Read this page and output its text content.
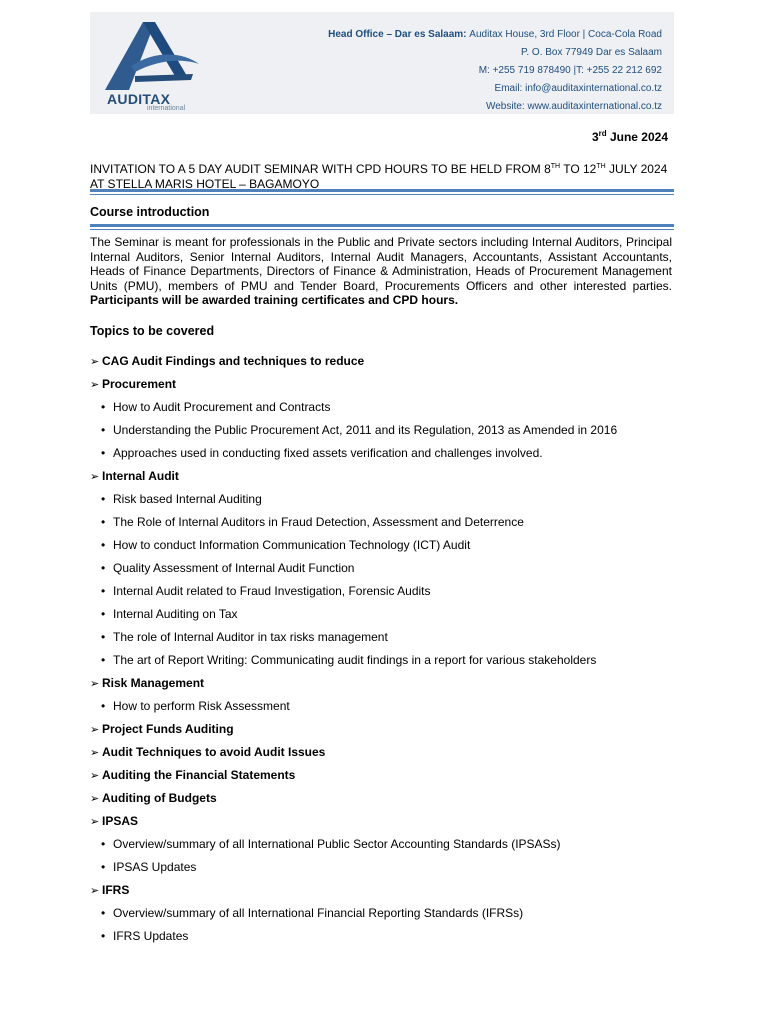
AUDITAX
international
Head Office – Dar es Salaam: Auditax House, 3rd Floor | Coca-Cola Road
P. O. Box 77949 Dar es Salaam
M: +255 719 878490 |T: +255 22 212 692
Email: info@auditaxinternational.co.tz
Website: www.auditaxinternational.co.tz
3rd June 2024
INVITATION TO A 5 DAY AUDIT SEMINAR WITH CPD HOURS TO BE HELD FROM 8TH TO 12TH JULY 2024 AT STELLA MARIS HOTEL – BAGAMOYO
Course introduction
The Seminar is meant for professionals in the Public and Private sectors including Internal Auditors, Principal Internal Auditors, Senior Internal Auditors, Internal Audit Managers, Accountants, Assistant Accountants, Heads of Finance Departments, Directors of Finance & Administration, Heads of Procurement Management Units (PMU), members of PMU and Tender Board, Procurements Officers and other interested parties. Participants will be awarded training certificates and CPD hours.
Topics to be covered
➢ CAG Audit Findings and techniques to reduce
➢ Procurement
• How to Audit Procurement and Contracts
• Understanding the Public Procurement Act, 2011 and its Regulation, 2013 as Amended in 2016
• Approaches used in conducting fixed assets verification and challenges involved.
➢ Internal Audit
• Risk based Internal Auditing
• The Role of Internal Auditors in Fraud Detection, Assessment and Deterrence
• How to conduct Information Communication Technology (ICT) Audit
• Quality Assessment of Internal Audit Function
• Internal Audit related to Fraud Investigation, Forensic Audits
• Internal Auditing on Tax
• The role of Internal Auditor in tax risks management
• The art of Report Writing: Communicating audit findings in a report for various stakeholders
➢ Risk Management
• How to perform Risk Assessment
➢ Project Funds Auditing
➢ Audit Techniques to avoid Audit Issues
➢ Auditing the Financial Statements
➢ Auditing of Budgets
➢ IPSAS
• Overview/summary of all International Public Sector Accounting Standards (IPSASs)
• IPSAS Updates
➢ IFRS
• Overview/summary of all International Financial Reporting Standards (IFRSs)
• IFRS Updates
